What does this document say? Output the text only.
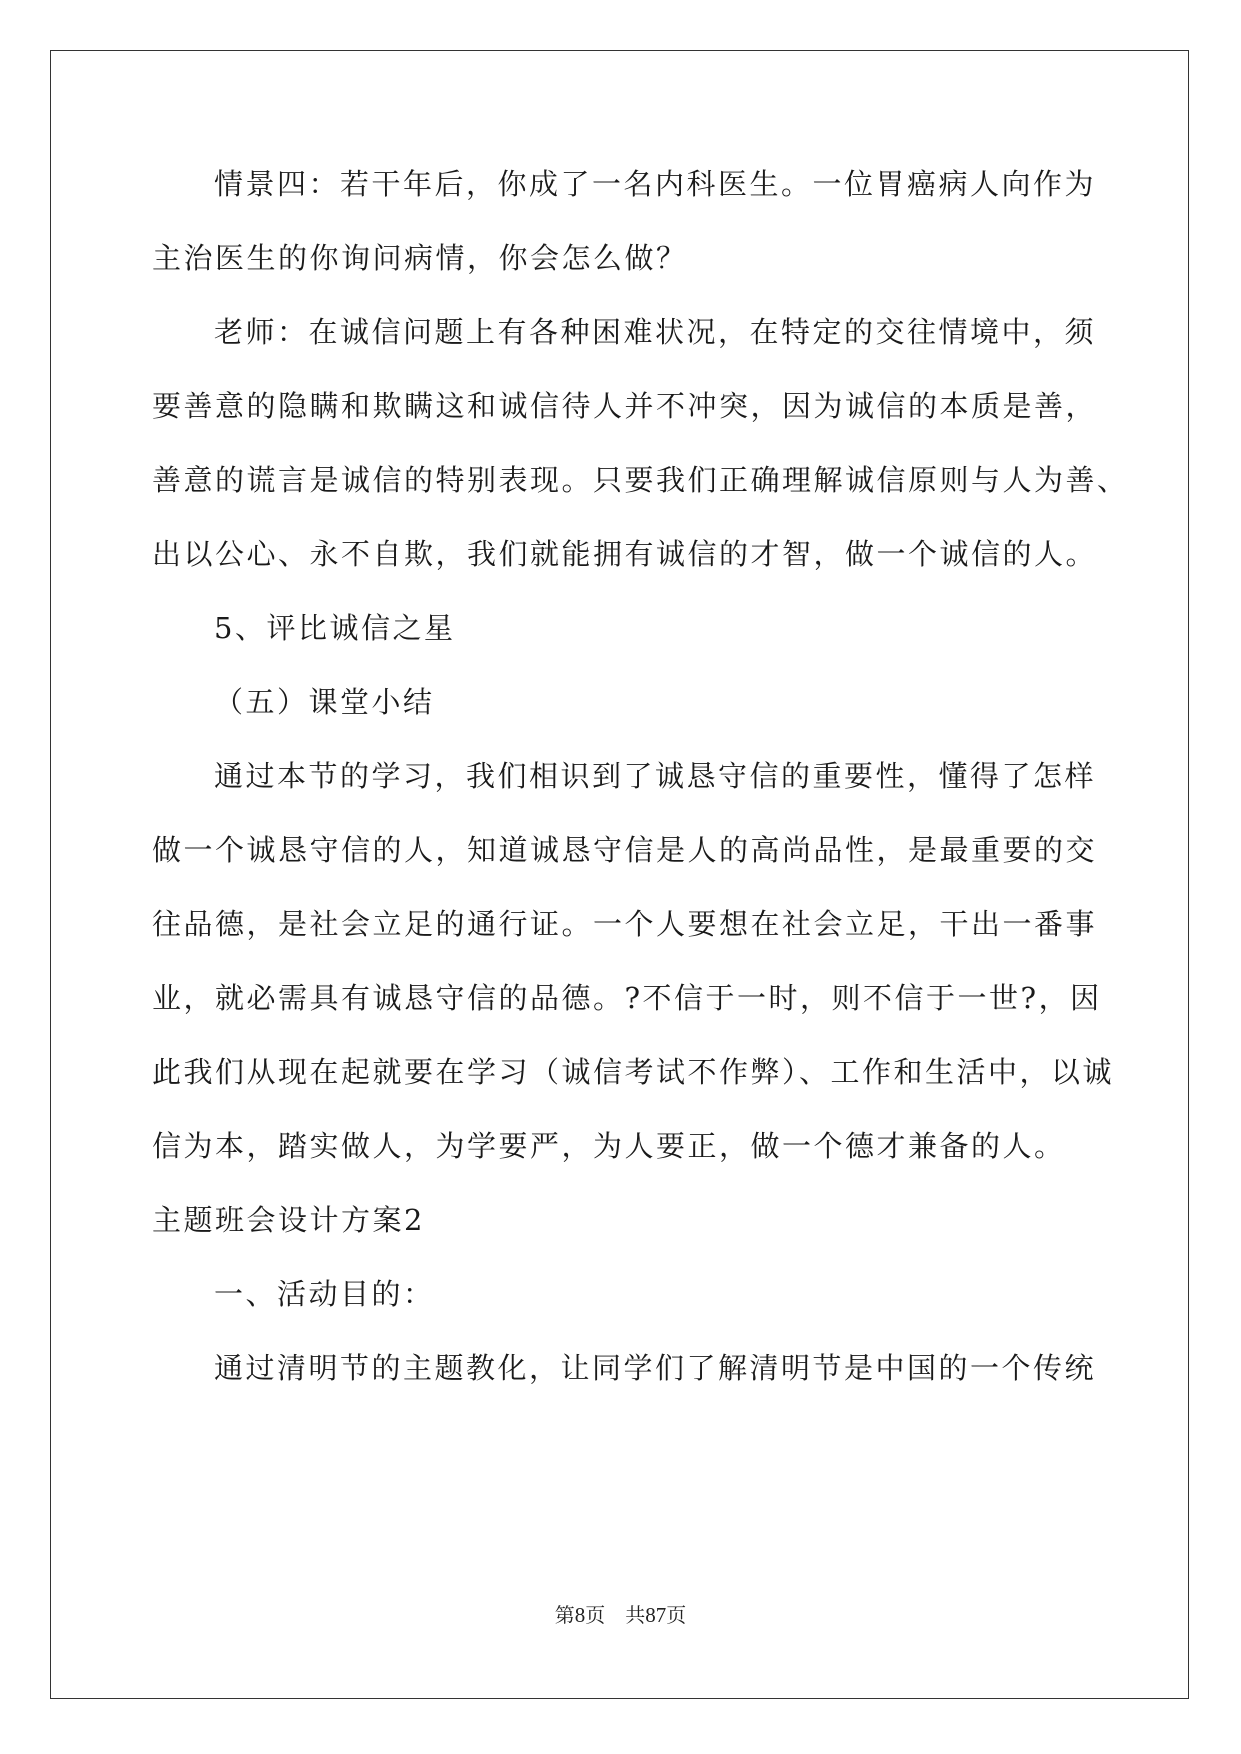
情景四：若干年后，你成了一名内科医生。一位胃癌病人向作为
主治医生的你询问病情，你会怎么做？
老师：在诚信问题上有各种困难状况，在特定的交往情境中，须
要善意的隐瞒和欺瞒这和诚信待人并不冲突，因为诚信的本质是善，
善意的谎言是诚信的特别表现。只要我们正确理解诚信原则与人为善、
出以公心、永不自欺，我们就能拥有诚信的才智，做一个诚信的人。
5、评比诚信之星
（五）课堂小结
通过本节的学习，我们相识到了诚恳守信的重要性，懂得了怎样
做一个诚恳守信的人，知道诚恳守信是人的高尚品性，是最重要的交
往品德，是社会立足的通行证。一个人要想在社会立足，干出一番事
业，就必需具有诚恳守信的品德。?不信于一时，则不信于一世?，因
此我们从现在起就要在学习（诚信考试不作弊）、工作和生活中，以诚
信为本，踏实做人，为学要严，为人要正，做一个德才兼备的人。
主题班会设计方案2
一、活动目的：
通过清明节的主题教化，让同学们了解清明节是中国的一个传统
第8页 共87页
